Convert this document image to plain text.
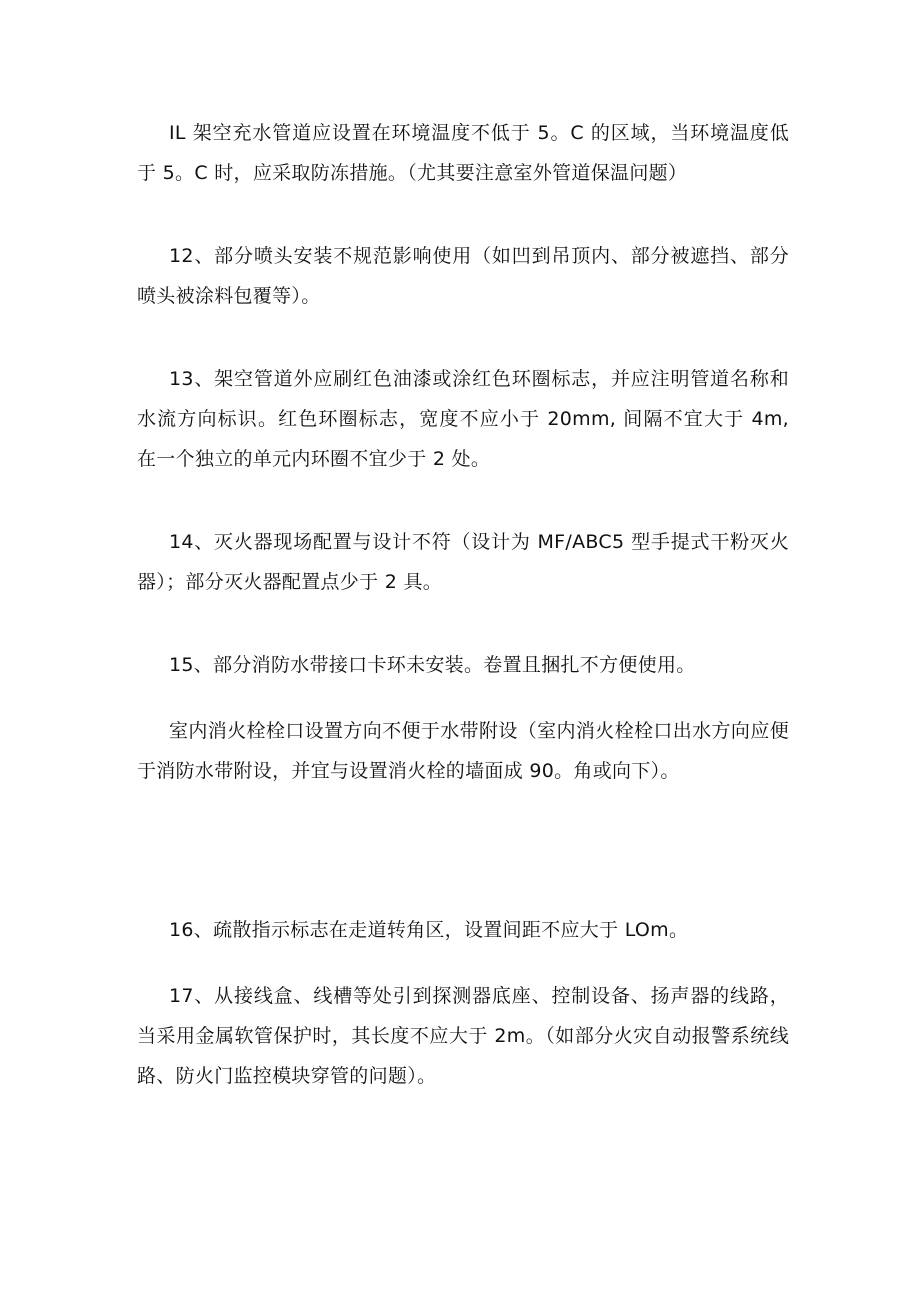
IL 架空充水管道应设置在环境温度不低于 5。C 的区域，当环境温度低于 5。C 时，应采取防冻措施。（尤其要注意室外管道保温问题）

12、部分喷头安装不规范影响使用（如凹到吊顶内、部分被遮挡、部分喷头被涂料包覆等）。

13、架空管道外应刷红色油漆或涂红色环圈标志，并应注明管道名称和水流方向标识。红色环圈标志，宽度不应小于 20mm, 间隔不宜大于 4m, 在一个独立的单元内环圈不宜少于 2 处。

14、灭火器现场配置与设计不符（设计为 MF/ABC5 型手提式干粉灭火器）；部分灭火器配置点少于 2 具。

15、部分消防水带接口卡环未安装。卷置且捆扎不方便使用。

室内消火栓栓口设置方向不便于水带附设（室内消火栓栓口出水方向应便于消防水带附设，并宜与设置消火栓的墙面成 90。角或向下）。

16、疏散指示标志在走道转角区，设置间距不应大于 LOm。

17、从接线盒、线槽等处引到探测器底座、控制设备、扬声器的线路，当采用金属软管保护时，其长度不应大于 2m。（如部分火灾自动报警系统线路、防火门监控模块穿管的问题）。
